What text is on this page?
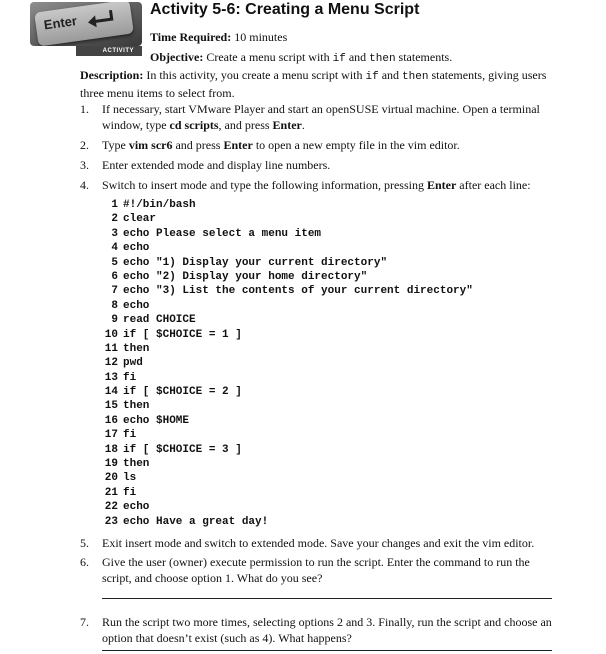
Enter
ACTIVITY
Activity 5-6: Creating a Menu Script
Time Required: 10 minutes
Objective: Create a menu script with if and then statements.
Description: In this activity, you create a menu script with if and then statements, giving users three menu items to select from.
1. If necessary, start VMware Player and start an openSUSE virtual machine. Open a terminal window, type cd scripts, and press Enter.
2. Type vim scr6 and press Enter to open a new empty file in the vim editor.
3. Enter extended mode and display line numbers.
4. Switch to insert mode and type the following information, pressing Enter after each line:
1 #!/bin/bash
2 clear
3 echo Please select a menu item
4 echo
5 echo "1) Display your current directory"
6 echo "2) Display your home directory"
7 echo "3) List the contents of your current directory"
8 echo
9 read CHOICE
10 if [ $CHOICE = 1 ]
11 then
12 pwd
13 fi
14 if [ $CHOICE = 2 ]
15 then
16 echo $HOME
17 fi
18 if [ $CHOICE = 3 ]
19 then
20 ls
21 fi
22 echo
23 echo Have a great day!
5. Exit insert mode and switch to extended mode. Save your changes and exit the vim editor.
6. Give the user (owner) execute permission to run the script. Enter the command to run the script, and choose option 1. What do you see?
7. Run the script two more times, selecting options 2 and 3. Finally, run the script and choose an option that doesn’t exist (such as 4). What happens?
